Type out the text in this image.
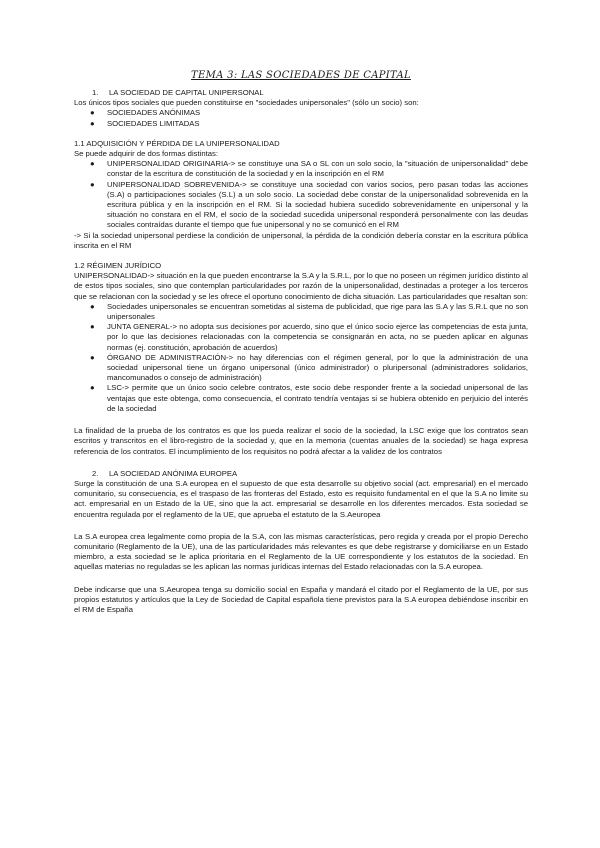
TEMA 3: LAS SOCIEDADES DE CAPITAL
1. LA SOCIEDAD DE CAPITAL UNIPERSONAL

Los únicos tipos sociales que pueden constituirse en "sociedades unipersonales" (sólo un socio) son:

● SOCIEDADES ANÓNIMAS
● SOCIEDADES LIMITADAS

1.1 ADQUISICIÓN Y PÉRDIDA DE LA UNIPERSONALIDAD

Se puede adquirir de dos formas distintas:

● UNIPERSONALIDAD ORIGINARIA-> se constituye una SA o SL con un solo socio, la "situación de unipersonalidad" debe constar de la escritura de constitución de la sociedad y en la inscripción en el RM
● UNIPERSONALIDAD SOBREVENIDA-> se constituye una sociedad con varios socios, pero pasan todas las acciones (S.A) o participaciones sociales (S.L) a un solo socio. La sociedad debe constar de la unipersonalidad sobrevenida en la escritura pública y en la inscripción en el RM. Si la sociedad hubiera sucedido sobrevenidamente en unipersonal y la situación no constara en el RM, el socio de la sociedad sucedida unipersonal responderá personalmente con las deudas sociales contraídas durante el tiempo que fue unipersonal y no se comunicó en el RM

-> Si la sociedad unipersonal perdiese la condición de unipersonal, la pérdida de la condición debería constar en la escritura pública inscrita en el RM

1.2 RÉGIMEN JURÍDICO

UNIPERSONALIDAD-> situación en la que pueden encontrarse la S.A y la S.R.L, por lo que no poseen un régimen jurídico distinto al de estos tipos sociales, sino que contemplan particularidades por razón de la unipersonalidad, destinadas a proteger a los terceros que se relacionan con la sociedad y se les ofrece el oportuno conocimiento de dicha situación. Las particularidades que resaltan son:

● Sociedades unipersonales se encuentran sometidas al sistema de publicidad, que rige para las S.A y las S.R.L que no son unipersonales
● JUNTA GENERAL-> no adopta sus decisiones por acuerdo, sino que el único socio ejerce las competencias de esta junta, por lo que las decisiones relacionadas con la competencia se consignarán en acta, no se pueden aplicar en algunas normas (ej. constitución, aprobación de acuerdos)
● ÓRGANO DE ADMINISTRACIÓN-> no hay diferencias con el régimen general, por lo que la administración de una sociedad unipersonal tiene un órgano unipersonal (único administrador) o pluripersonal (administradores solidarios, mancomunados o consejo de administración)
● LSC-> permite que un único socio celebre contratos, este socio debe responder frente a la sociedad unipersonal de las ventajas que este obtenga, como consecuencia, el contrato tendría ventajas si se hubiera obtenido en perjuicio del interés de la sociedad

La finalidad de la prueba de los contratos es que los pueda realizar el socio de la sociedad, la LSC exige que los contratos sean escritos y transcritos en el libro-registro de la sociedad y, que en la memoria (cuentas anuales de la sociedad) se haga expresa referencia de los contratos. El incumplimiento de los requisitos no podrá afectar a la validez de los contratos

2. LA SOCIEDAD ANÓNIMA EUROPEA

Surge la constitución de una S.A europea en el supuesto de que esta desarrolle su objetivo social (act. empresarial) en el mercado comunitario, su consecuencia, es el traspaso de las fronteras del Estado, esto es requisito fundamental en el que la S.A no limite su act. empresarial en un Estado de la UE, sino que la act. empresarial se desarrolle en los diferentes mercados. Esta sociedad se encuentra regulada por el reglamento de la UE, que aprueba el estatuto de la S.Aeuropea

La S.A europea crea legalmente como propia de la S.A, con las mismas características, pero regida y creada por el propio Derecho comunitario (Reglamento de la UE), una de las particularidades más relevantes es que debe registrarse y domiciliarse en un Estado miembro, a esta sociedad se le aplica prioritaria en el Reglamento de la UE correspondiente y los estatutos de la sociedad. En aquellas materias no reguladas se les aplican las normas jurídicas internas del Estado relacionadas con la S.A europea.

Debe indicarse que una S.Aeuropea tenga su domicilio social en España y mandará el citado por el Reglamento de la UE, por sus propios estatutos y artículos que la Ley de Sociedad de Capital española tiene previstos para la S.A europea debiéndose inscribir en el RM de España
